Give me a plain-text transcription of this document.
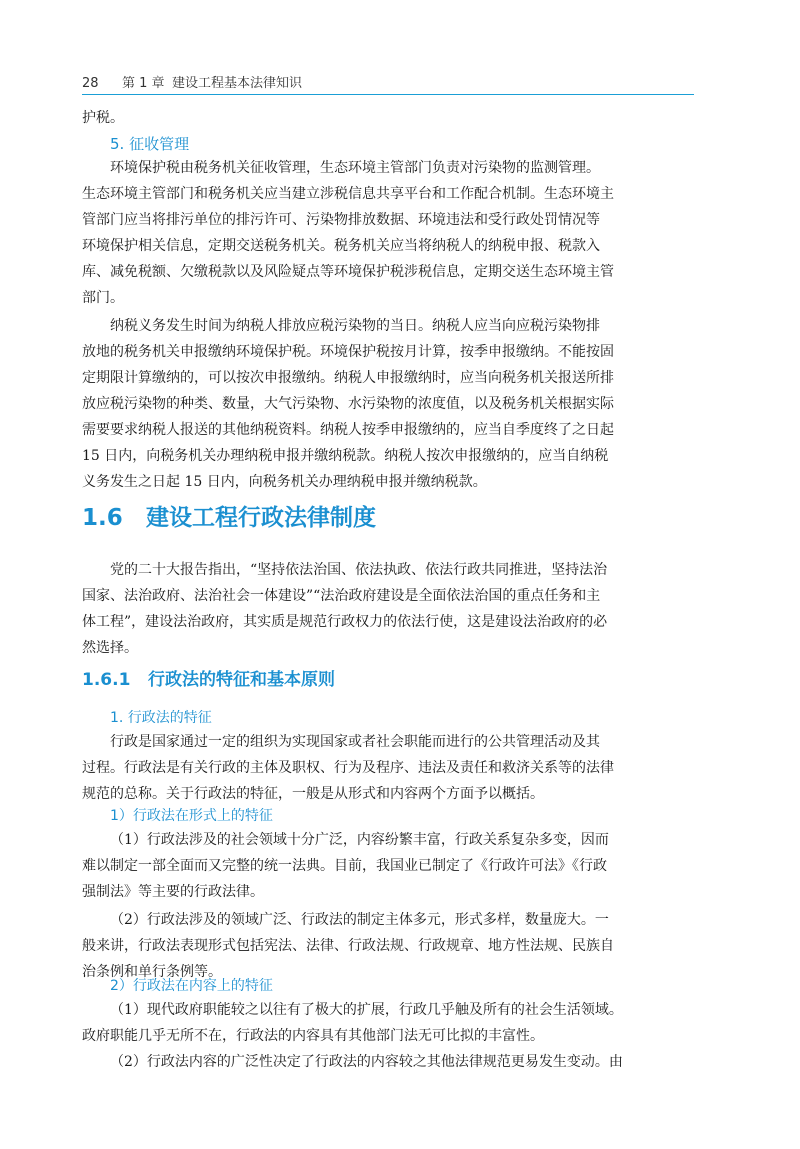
28 第 1 章 建设工程基本法律知识

护税。

5. 征收管理

环境保护税由税务机关征收管理，生态环境主管部门负责对污染物的监测管理。

生态环境主管部门和税务机关应当建立涉税信息共享平台和工作配合机制。生态环境主

管部门应当将排污单位的排污许可、污染物排放数据、环境违法和受行政处罚情况等

环境保护相关信息，定期交送税务机关。税务机关应当将纳税人的纳税申报、税款入

库、减免税额、欠缴税款以及风险疑点等环境保护税涉税信息，定期交送生态环境主管

部门。

纳税义务发生时间为纳税人排放应税污染物的当日。纳税人应当向应税污染物排

放地的税务机关申报缴纳环境保护税。环境保护税按月计算，按季申报缴纳。不能按固

定期限计算缴纳的，可以按次申报缴纳。纳税人申报缴纳时，应当向税务机关报送所排

放应税污染物的种类、数量，大气污染物、水污染物的浓度值，以及税务机关根据实际

需要要求纳税人报送的其他纳税资料。纳税人按季申报缴纳的，应当自季度终了之日起

15 日内，向税务机关办理纳税申报并缴纳税款。纳税人按次申报缴纳的，应当自纳税

义务发生之日起 15 日内，向税务机关办理纳税申报并缴纳税款。

1.6 建设工程行政法律制度

党的二十大报告指出，“坚持依法治国、依法执政、依法行政共同推进，坚持法治

国家、法治政府、法治社会一体建设”“法治政府建设是全面依法治国的重点任务和主

体工程”，建设法治政府，其实质是规范行政权力的依法行使，这是建设法治政府的必

然选择。

1.6.1 行政法的特征和基本原则

1. 行政法的特征

行政是国家通过一定的组织为实现国家或者社会职能而进行的公共管理活动及其

过程。行政法是有关行政的主体及职权、行为及程序、违法及责任和救济关系等的法律

规范的总称。关于行政法的特征，一般是从形式和内容两个方面予以概括。

1）行政法在形式上的特征

（1）行政法涉及的社会领域十分广泛，内容纷繁丰富，行政关系复杂多变，因而

难以制定一部全面而又完整的统一法典。目前，我国业已制定了《行政许可法》《行政

强制法》等主要的行政法律。

（2）行政法涉及的领域广泛、行政法的制定主体多元，形式多样，数量庞大。一

般来讲，行政法表现形式包括宪法、法律、行政法规、行政规章、地方性法规、民族自

治条例和单行条例等。

2）行政法在内容上的特征

（1）现代政府职能较之以往有了极大的扩展，行政几乎触及所有的社会生活领域。

政府职能几乎无所不在，行政法的内容具有其他部门法无可比拟的丰富性。

（2）行政法内容的广泛性决定了行政法的内容较之其他法律规范更易发生变动。由
